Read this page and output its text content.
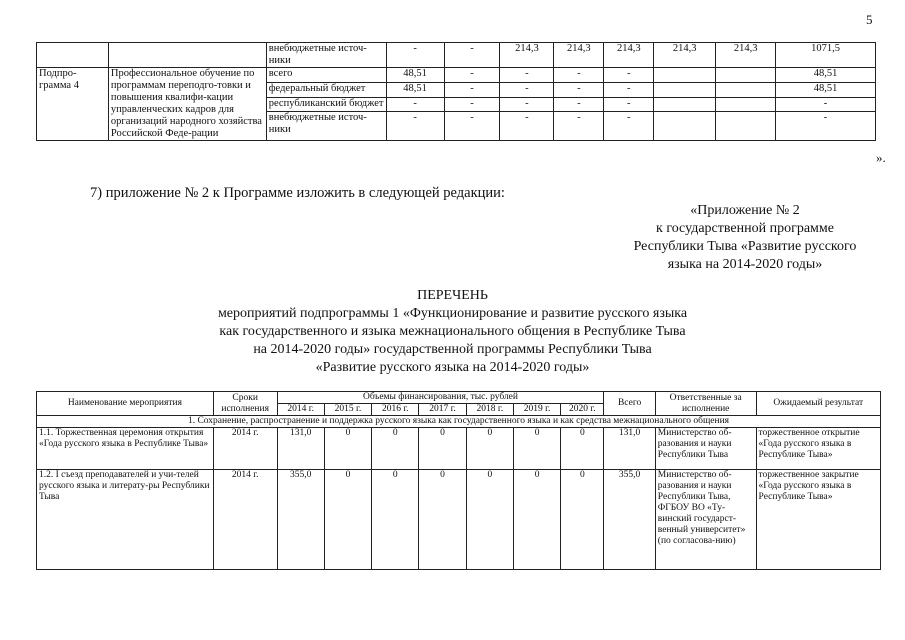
5
		внебюджетные источ-ники	-	-	214,3	214,3	214,3	214,3	214,3	1071,5
Подпро-грамма 4	Профессиональное обучение по программам переподго-товки и повышения квалифи-кации управленческих кадров для организаций народного хозяйства Российской Феде-рации	всего	48,51	-	-	-	-			48,51
		федеральный бюджет	48,51	-	-	-	-			48,51
		республиканский бюджет	-	-	-	-	-			-
		внебюджетные источ-ники	-	-	-	-	-			-
».
7) приложение № 2 к Программе изложить в следующей редакции:
«Приложение № 2
к государственной программе
Республики Тыва «Развитие русского
языка на 2014-2020 годы»
ПЕРЕЧЕНЬ
мероприятий подпрограммы 1 «Функционирование и развитие русского языка
как государственного и языка межнационального общения в Республике Тыва
на 2014-2020 годы» государственной программы Республики Тыва
«Развитие русского языка на 2014-2020 годы»
Наименование мероприятия	Сроки исполнения	Объемы финансирования, тыс. рублей							Всего	Ответственные за исполнение	Ожидаемый результат
		2014 г.	2015 г.	2016 г.	2017 г.	2018 г.	2019 г.	2020 г.			
1. Сохранение, распространение и поддержка русского языка как государственного языка и как средства межнационального общения											
1.1. Торжественная церемония открытия «Года русского языка в Республике Тыва»	2014 г.	131,0	0	0	0	0	0	0	131,0	Министерство об-разования и науки Республики Тыва	торжественное открытие «Года русского языка в Республике Тыва»
1.2. I съезд преподавателей и учи-телей русского языка и литерату-ры Республики Тыва	2014 г.	355,0	0	0	0	0	0	0	355,0	Министерство об-разования и науки Республики Тыва, ФГБОУ ВО «Ту-винский государст-венный университет» (по согласова-нию)	торжественное закрытие «Года русского языка в Республике Тыва»
